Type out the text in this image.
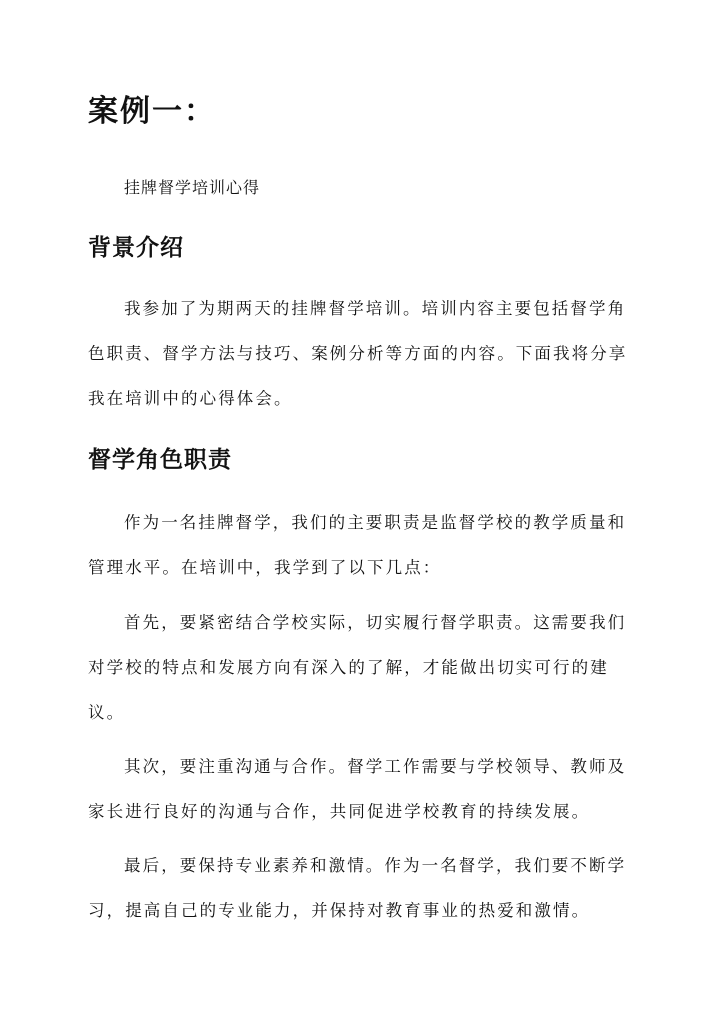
案例一：

挂牌督学培训心得

背景介绍

我参加了为期两天的挂牌督学培训。培训内容主要包括督学角色职责、督学方法与技巧、案例分析等方面的内容。下面我将分享我在培训中的心得体会。

督学角色职责

作为一名挂牌督学，我们的主要职责是监督学校的教学质量和管理水平。在培训中，我学到了以下几点：

首先，要紧密结合学校实际，切实履行督学职责。这需要我们对学校的特点和发展方向有深入的了解，才能做出切实可行的建议。

其次，要注重沟通与合作。督学工作需要与学校领导、教师及家长进行良好的沟通与合作，共同促进学校教育的持续发展。

最后，要保持专业素养和激情。作为一名督学，我们要不断学习，提高自己的专业能力，并保持对教育事业的热爱和激情。
